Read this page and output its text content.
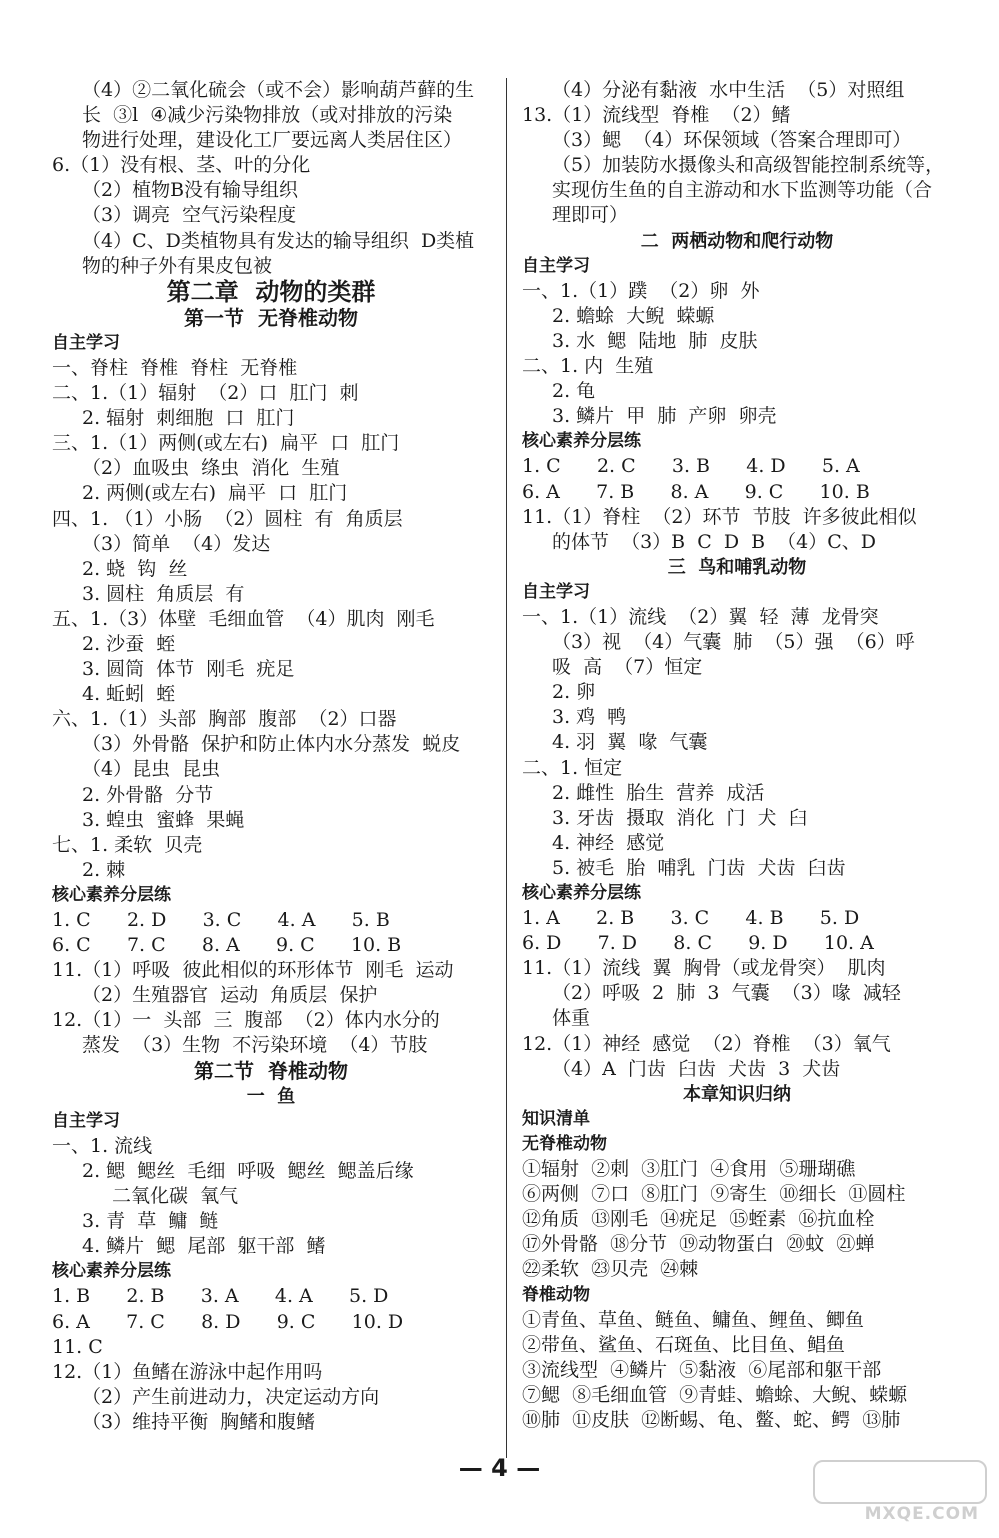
（4）②二氧化硫会（或不会）影响葫芦藓的生
长  ③l  ④减少污染物排放（或对排放的污染
物进行处理，建设化工厂要远离人类居住区）
6.（1）没有根、茎、叶的分化
（2）植物B没有输导组织
（3）调亮  空气污染程度
（4）C、D类植物具有发达的输导组织  D类植
物的种子外有果皮包被
第二章  动物的类群
第一节  无脊椎动物
自主学习
一、脊柱  脊椎  脊柱  无脊椎
二、1.（1）辐射  （2）口  肛门  刺
2. 辐射  刺细胞  口  肛门
三、1.（1）两侧(或左右)  扁平  口  肛门
（2）血吸虫  绦虫  消化  生殖
2. 两侧(或左右)  扁平  口  肛门
四、1. （1）小肠  （2）圆柱  有  角质层
（3）简单  （4）发达
2. 蛲  钩  丝
3. 圆柱  角质层  有
五、1.（3）体壁  毛细血管  （4）肌肉  刚毛
2. 沙蚕  蛭
3. 圆筒  体节  刚毛  疣足
4. 蚯蚓  蛭
六、1.（1）头部  胸部  腹部  （2）口器
（3）外骨骼  保护和防止体内水分蒸发  蜕皮
（4）昆虫  昆虫
2. 外骨骼  分节
3. 蝗虫  蜜蜂  果蝇
七、1. 柔软  贝壳
2. 棘
核心素养分层练
1. C      2. D      3. C      4. A      5. B
6. C      7. C      8. A      9. C      10. B
11.（1）呼吸  彼此相似的环形体节  刚毛  运动
（2）生殖器官  运动  角质层  保护
12.（1）一  头部  三  腹部  （2）体内水分的
蒸发  （3）生物  不污染环境  （4）节肢
第二节  脊椎动物
一  鱼
自主学习
一、1. 流线
2. 鳃  鳃丝  毛细  呼吸  鳃丝  鳃盖后缘
二氧化碳  氧气
3. 青  草  鳙  鲢
4. 鳞片  鳃  尾部  躯干部  鳍
核心素养分层练
1. B      2. B      3. A      4. A      5. D
6. A      7. C      8. D      9. C      10. D
11. C
12.（1）鱼鳍在游泳中起作用吗
（2）产生前进动力，决定运动方向
（3）维持平衡  胸鳍和腹鳍
（4）分泌有黏液  水中生活  （5）对照组
13.（1）流线型  脊椎  （2）鳍
（3）鳃  （4）环保领域（答案合理即可）
（5）加装防水摄像头和高级智能控制系统等，
实现仿生鱼的自主游动和水下监测等功能（合
理即可）
二  两栖动物和爬行动物
自主学习
一、1.（1）蹼  （2）卵  外
2. 蟾蜍  大鲵  蝾螈
3. 水  鳃  陆地  肺  皮肤
二、1. 内  生殖
2. 龟
3. 鳞片  甲  肺  产卵  卵壳
核心素养分层练
1. C      2. C      3. B      4. D      5. A
6. A      7. B      8. A      9. C      10. B
11.（1）脊柱  （2）环节  节肢  许多彼此相似
的体节  （3）B  C  D  B  （4）C、D
三  鸟和哺乳动物
自主学习
一、1.（1）流线  （2）翼  轻  薄  龙骨突
（3）视  （4）气囊  肺  （5）强  （6）呼
吸  高  （7）恒定
2. 卵
3. 鸡  鸭
4. 羽  翼  喙  气囊
二、1. 恒定
2. 雌性  胎生  营养  成活
3. 牙齿  摄取  消化  门  犬  臼
4. 神经  感觉
5. 被毛  胎  哺乳  门齿  犬齿  臼齿
核心素养分层练
1. A      2. B      3. C      4. B      5. D
6. D      7. D      8. C      9. D      10. A
11.（1）流线  翼  胸骨（或龙骨突）  肌肉
（2）呼吸  2  肺  3  气囊  （3）喙  减轻
体重
12.（1）神经  感觉  （2）脊椎  （3）氧气
（4）A  门齿  臼齿  犬齿  3  犬齿
本章知识归纳
知识清单
无脊椎动物
①辐射  ②刺  ③肛门  ④食用  ⑤珊瑚礁
⑥两侧  ⑦口  ⑧肛门  ⑨寄生  ⑩细长  ⑪圆柱
⑫角质  ⑬刚毛  ⑭疣足  ⑮蛭素  ⑯抗血栓
⑰外骨骼  ⑱分节  ⑲动物蛋白  ⑳蚊  ㉑蝉
㉒柔软  ㉓贝壳  ㉔棘
脊椎动物
①青鱼、草鱼、鲢鱼、鳙鱼、鲤鱼、鲫鱼
②带鱼、鲨鱼、石斑鱼、比目鱼、鲳鱼
③流线型  ④鳞片  ⑤黏液  ⑥尾部和躯干部
⑦鳃  ⑧毛细血管  ⑨青蛙、蟾蜍、大鲵、蝾螈
⑩肺  ⑪皮肤  ⑫断蜴、龟、鳖、蛇、鳄  ⑬肺
— 4 —
MXQE.COM
